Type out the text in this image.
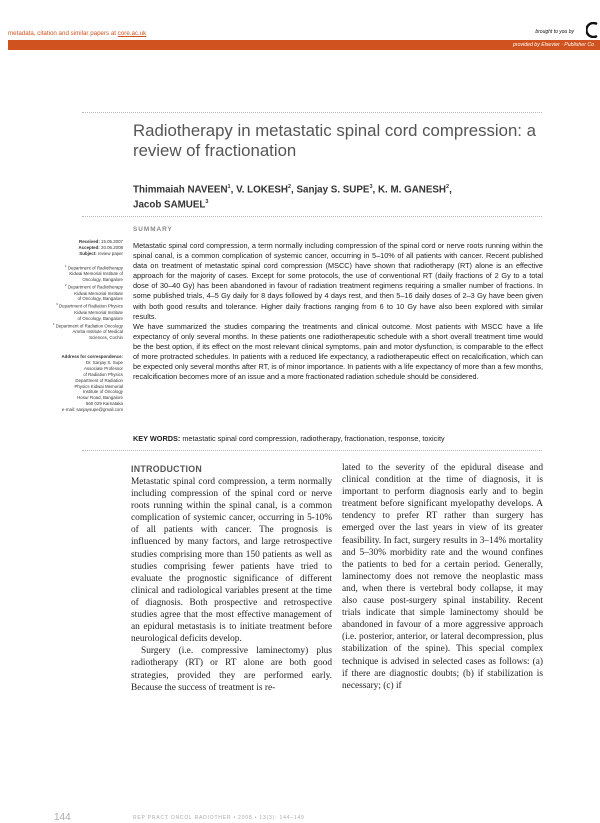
metadata, citation and similar papers at core.ac.uk	brought to you by
provided by Elsevier · Publisher Co
Radiotherapy in metastatic spinal cord compression: a review of fractionation
Thimmaiah NAVEEN$^1$, V. LOKESH$^2$, Sanjay S. SUPE$^3$, K. M. GANESH$^2$,
Jacob SAMUEL$^3$
SUMMARY
Received: 15.05.2007
Accepted: 20.06.2008
Subject: review paper
$^1$ Department of Radiotherapy
Kidwai Memorial Institute of
Oncology, Bangalore
$^2$ Department of Radiotherapy
Kidwai Memorial Institute
of Oncology, Bangalore
$^3$ Department of Radiation Physics
Kidwai Memorial Institute
of Oncology, Bangalore
$^4$ Department of Radiation Oncology
Amrita Institute of Medical
Sciences, Cochin
Address for correspondence:
Dr. Sanjay S. Supe
Associate Professor
of Radiation Physics
Department of Radiation
Physics Kidwai Memorial
Institute of Oncology
Hosur Road, Bangalore
560 029 Karnataka
e-mail: sanjaysupe@gmail.com

Metastatic spinal cord compression, a term normally including compression of the spinal cord or nerve roots running within the spinal canal, is a common complication of systemic cancer, occurring in 5–10% of all patients with cancer. Recent published data on treatment of metastatic spinal cord compression (MSCC) have shown that radiotherapy (RT) alone is an effective approach for the majority of cases. Except for some protocols, the use of conventional RT (daily fractions of 2 Gy to a total dose of 30–40 Gy) has been abandoned in favour of radiation treatment regimens requiring a smaller number of fractions. In some published trials, 4–5 Gy daily for 8 days followed by 4 days rest, and then 5–16 daily doses of 2–3 Gy have been given with both good results and tolerance. Higher daily fractions ranging from 6 to 10 Gy have also been explored with similar results.

We have summarized the studies comparing the treatments and clinical outcome. Most patients with MSCC have a life expectancy of only several months. In these patients one radiotherapeutic schedule with a short overall treatment time would be the best option, if its effect on the most relevant clinical symptoms, pain and motor dysfunction, is comparable to the effect of more protracted schedules. In patients with a reduced life expectancy, a radiotherapeutic effect on recalcification, which can be expected only several months after RT, is of minor importance. In patients with a life expectancy of more than a few months, recalcification becomes more of an issue and a more fractionated radiation schedule should be considered.

KEY WORDS: metastatic spinal cord compression, radiotherapy, fractionation, response, toxicity
INTRODUCTION

Metastatic spinal cord compression, a term normally including compression of the spinal cord or nerve roots running within the spinal canal, is a common complication of systemic cancer, occurring in 5-10% of all patients with cancer. The prognosis is influenced by many factors, and large retrospective studies comprising more than 150 patients as well as studies comprising fewer patients have tried to evaluate the prognostic significance of different clinical and radiological variables present at the time of diagnosis. Both prospective and retrospective studies agree that the most effective management of an epidural metastasis is to initiate treatment before neurological deficits develop.

Surgery (i.e. compressive laminectomy) plus radiotherapy (RT) or RT alone are both good strategies, provided they are performed early. Because the success of treatment is re-

lated to the severity of the epidural disease and clinical condition at the time of diagnosis, it is important to perform diagnosis early and to begin treatment before significant myelopathy develops. A tendency to prefer RT rather than surgery has emerged over the last years in view of its greater feasibility. In fact, surgery results in 3–14% mortality and 5–30% morbidity rate and the wound confines the patients to bed for a certain period. Generally, laminectomy does not remove the neoplastic mass and, when there is vertebral body collapse, it may also cause post-surgery spinal instability. Recent trials indicate that simple laminectomy should be abandoned in favour of a more aggressive approach (i.e. posterior, anterior, or lateral decompression, plus stabilization of the spine). This special complex technique is advised in selected cases as follows: (a) if there are diagnostic doubts; (b) if stabilization is necessary; (c) if

144	REP PRACT ONCOL RADIOTHER • 2008 • 13(3): 144–149
